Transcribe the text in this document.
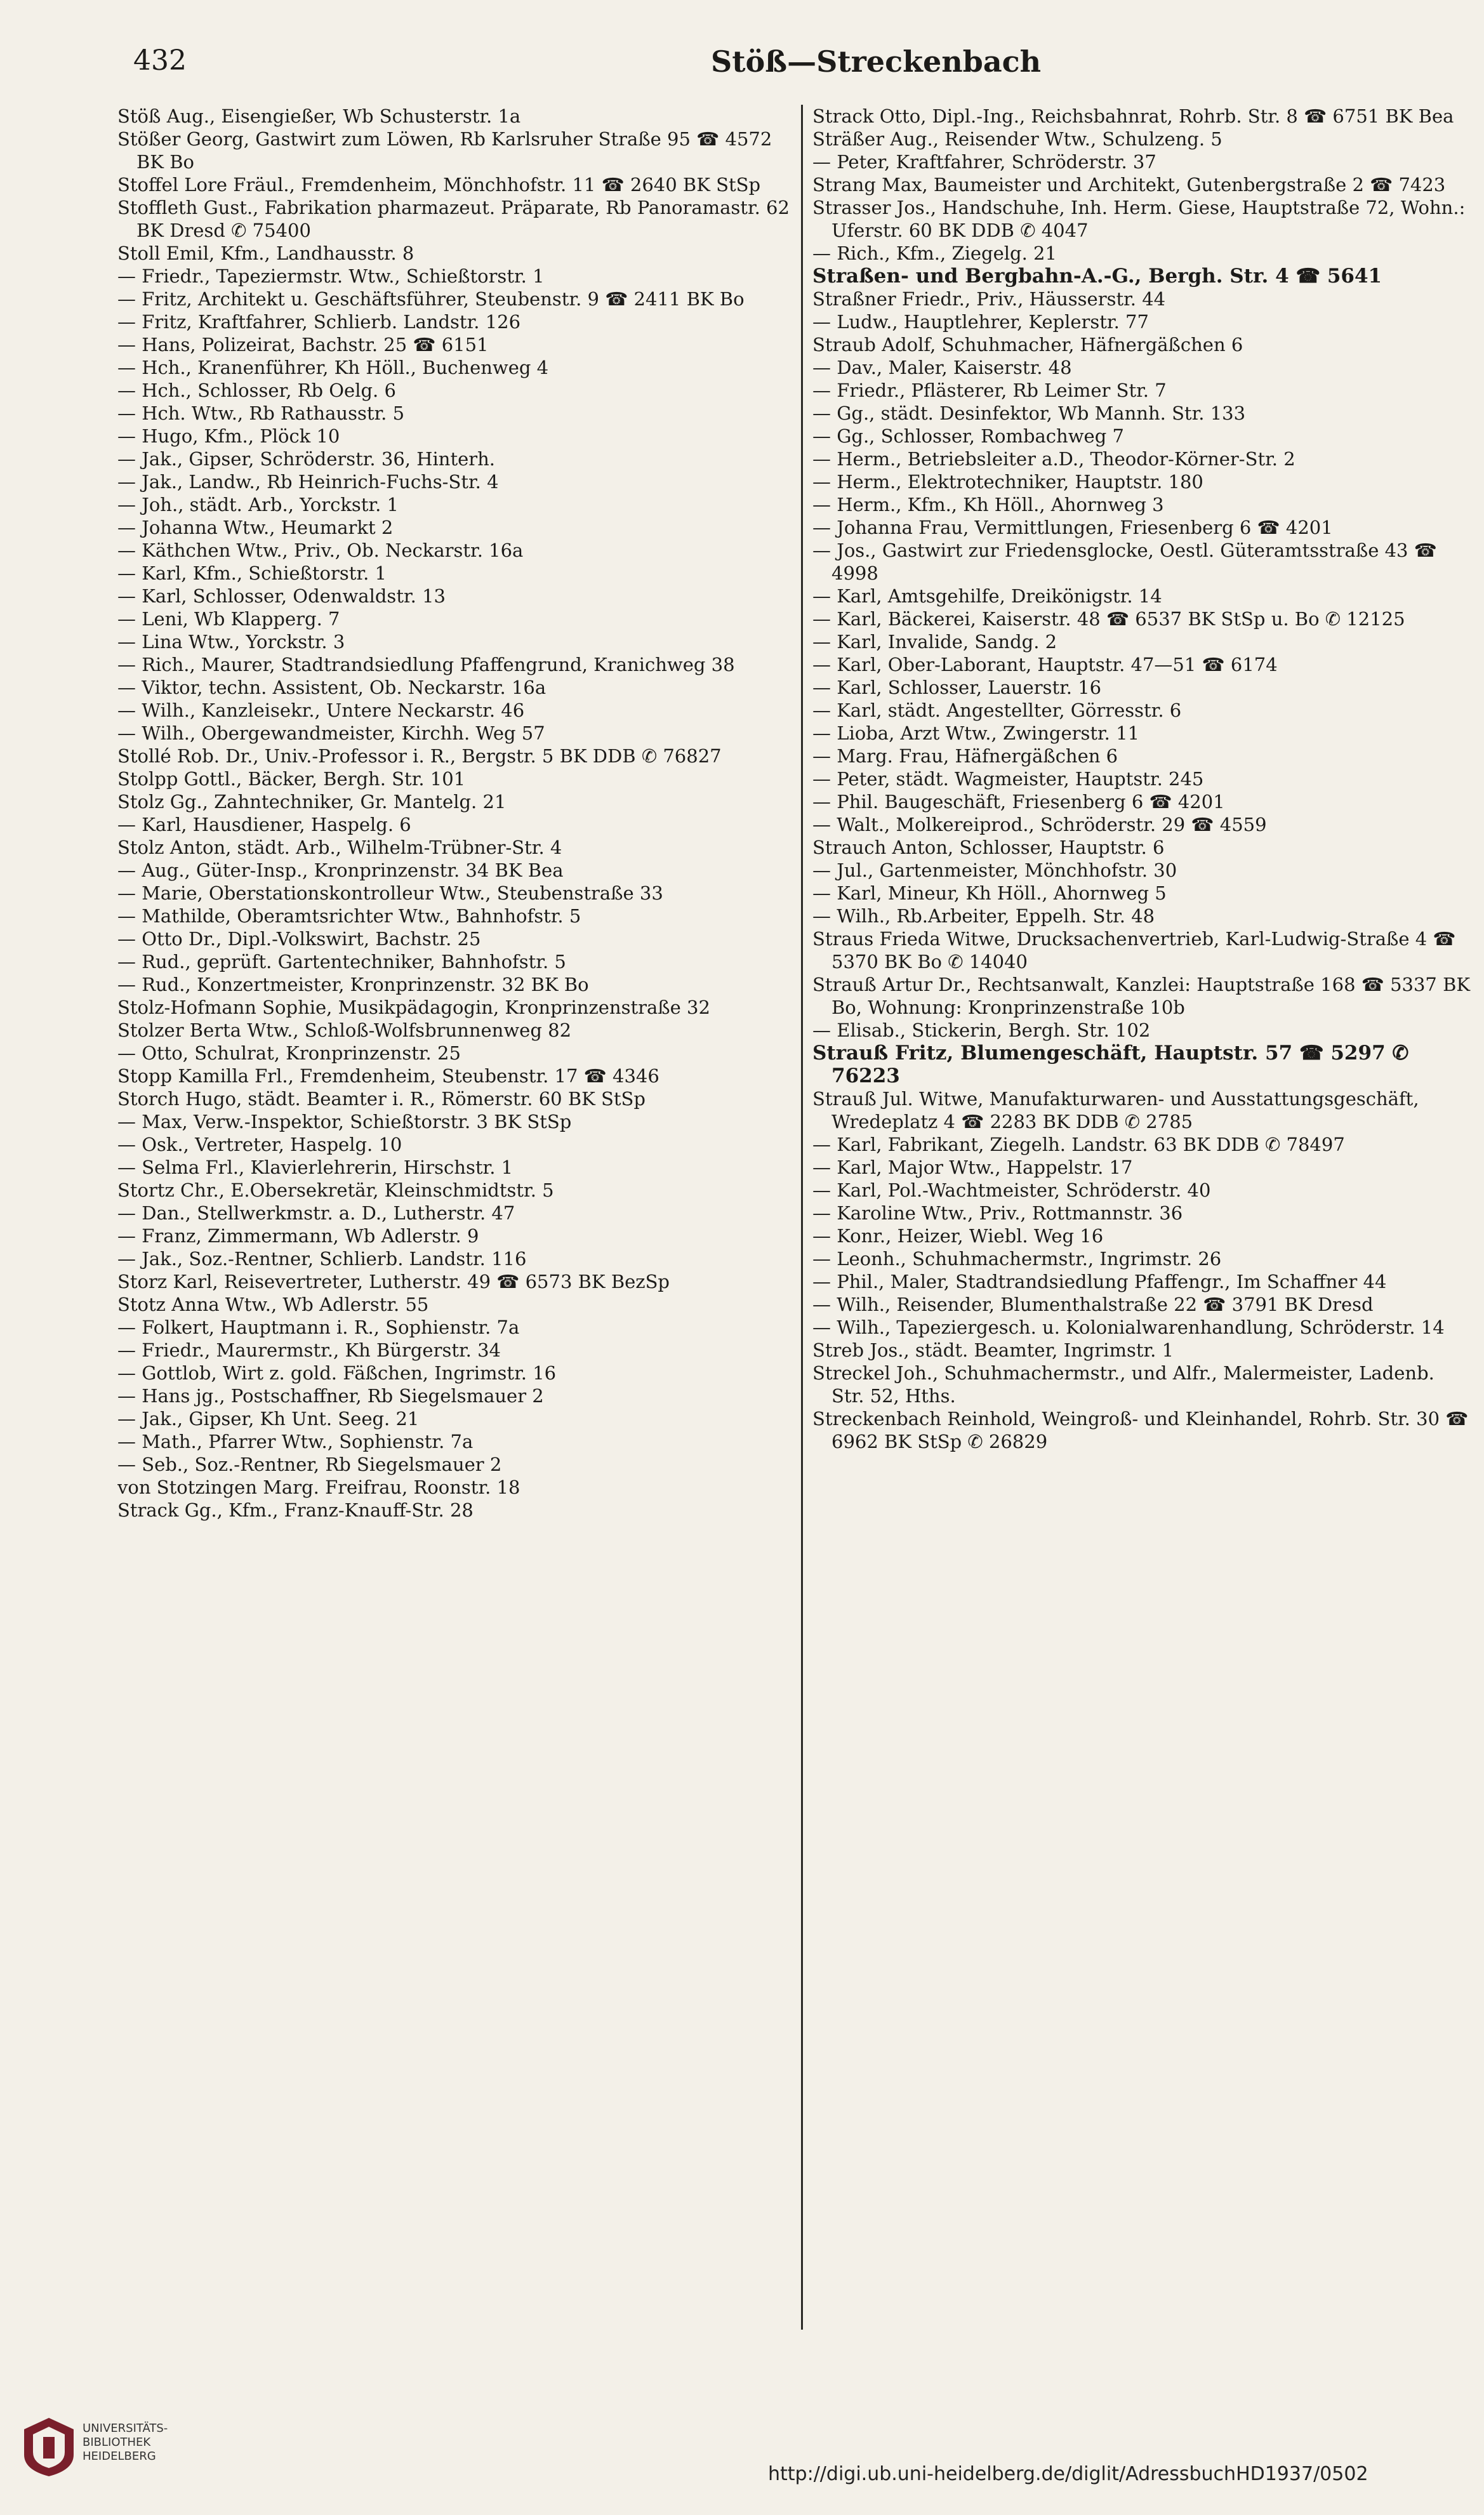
432	Stöß—Streckenbach

Stöß Aug., Eisengießer, Wb Schusterstr. 1a

Stößer Georg, Gastwirt zum Löwen, Rb Karlsruher Straße 95 ☎ 4572 BK Bo

Stoffel Lore Fräul., Fremdenheim, Mönchhofstr. 11 ☎ 2640 BK StSp

Stoffleth Gust., Fabrikation pharmazeut. Präparate, Rb Panoramastr. 62 BK Dresd ✆ 75400

Stoll Emil, Kfm., Landhausstr. 8

— Friedr., Tapeziermstr. Wtw., Schießtorstr. 1

— Fritz, Architekt u. Geschäftsführer, Steubenstr. 9 ☎ 2411 BK Bo

— Fritz, Kraftfahrer, Schlierb. Landstr. 126

— Hans, Polizeirat, Bachstr. 25 ☎ 6151

— Hch., Kranenführer, Kh Höll., Buchenweg 4

— Hch., Schlosser, Rb Oelg. 6

— Hch. Wtw., Rb Rathausstr. 5

— Hugo, Kfm., Plöck 10

— Jak., Gipser, Schröderstr. 36, Hinterh.

— Jak., Landw., Rb Heinrich-Fuchs-Str. 4

— Joh., städt. Arb., Yorckstr. 1

— Johanna Wtw., Heumarkt 2

— Käthchen Wtw., Priv., Ob. Neckarstr. 16a

— Karl, Kfm., Schießtorstr. 1

— Karl, Schlosser, Odenwaldstr. 13

— Leni, Wb Klapperg. 7

— Lina Wtw., Yorckstr. 3

— Rich., Maurer, Stadtrandsiedlung Pfaffengrund, Kranichweg 38

— Viktor, techn. Assistent, Ob. Neckarstr. 16a

— Wilh., Kanzleisekr., Untere Neckarstr. 46

— Wilh., Obergewandmeister, Kirchh. Weg 57

Stollé Rob. Dr., Univ.-Professor i. R., Bergstr. 5 BK DDB ✆ 76827

Stolpp Gottl., Bäcker, Bergh. Str. 101

Stolz Gg., Zahntechniker, Gr. Mantelg. 21

— Karl, Hausdiener, Haspelg. 6

Stolz Anton, städt. Arb., Wilhelm-Trübner-Str. 4

— Aug., Güter-Insp., Kronprinzenstr. 34 BK Bea

— Marie, Oberstationskontrolleur Wtw., Steubenstraße 33

— Mathilde, Oberamtsrichter Wtw., Bahnhofstr. 5

— Otto Dr., Dipl.-Volkswirt, Bachstr. 25

— Rud., geprüft. Gartentechniker, Bahnhofstr. 5

— Rud., Konzertmeister, Kronprinzenstr. 32 BK Bo

Stolz-Hofmann Sophie, Musikpädagogin, Kronprinzenstraße 32

Stolzer Berta Wtw., Schloß-Wolfsbrunnenweg 82

— Otto, Schulrat, Kronprinzenstr. 25

Stopp Kamilla Frl., Fremdenheim, Steubenstr. 17 ☎ 4346

Storch Hugo, städt. Beamter i. R., Römerstr. 60 BK StSp

— Max, Verw.-Inspektor, Schießtorstr. 3 BK StSp

— Osk., Vertreter, Haspelg. 10

— Selma Frl., Klavierlehrerin, Hirschstr. 1

Stortz Chr., E.Obersekretär, Kleinschmidtstr. 5

— Dan., Stellwerkmstr. a. D., Lutherstr. 47

— Franz, Zimmermann, Wb Adlerstr. 9

— Jak., Soz.-Rentner, Schlierb. Landstr. 116

Storz Karl, Reisevertreter, Lutherstr. 49 ☎ 6573 BK BezSp

Stotz Anna Wtw., Wb Adlerstr. 55

— Folkert, Hauptmann i. R., Sophienstr. 7a

— Friedr., Maurermstr., Kh Bürgerstr. 34

— Gottlob, Wirt z. gold. Fäßchen, Ingrimstr. 16

— Hans jg., Postschaffner, Rb Siegelsmauer 2

— Jak., Gipser, Kh Unt. Seeg. 21

— Math., Pfarrer Wtw., Sophienstr. 7a

— Seb., Soz.-Rentner, Rb Siegelsmauer 2

von Stotzingen Marg. Freifrau, Roonstr. 18

Strack Gg., Kfm., Franz-Knauff-Str. 28

Strack Otto, Dipl.-Ing., Reichsbahnrat, Rohrb. Str. 8 ☎ 6751 BK Bea

Sträßer Aug., Reisender Wtw., Schulzeng. 5

— Peter, Kraftfahrer, Schröderstr. 37

Strang Max, Baumeister und Architekt, Gutenbergstraße 2 ☎ 7423

Strasser Jos., Handschuhe, Inh. Herm. Giese, Hauptstraße 72, Wohn.: Uferstr. 60 BK DDB ✆ 4047

— Rich., Kfm., Ziegelg. 21

Straßen- und Bergbahn-A.-G., Bergh. Str. 4 ☎ 5641

Straßner Friedr., Priv., Häusserstr. 44

— Ludw., Hauptlehrer, Keplerstr. 77

Straub Adolf, Schuhmacher, Häfnergäßchen 6

— Dav., Maler, Kaiserstr. 48

— Friedr., Pflästerer, Rb Leimer Str. 7

— Gg., städt. Desinfektor, Wb Mannh. Str. 133

— Gg., Schlosser, Rombachweg 7

— Herm., Betriebsleiter a.D., Theodor-Körner-Str. 2

— Herm., Elektrotechniker, Hauptstr. 180

— Herm., Kfm., Kh Höll., Ahornweg 3

— Johanna Frau, Vermittlungen, Friesenberg 6 ☎ 4201

— Jos., Gastwirt zur Friedensglocke, Oestl. Güteramtsstraße 43 ☎ 4998

— Karl, Amtsgehilfe, Dreikönigstr. 14

— Karl, Bäckerei, Kaiserstr. 48 ☎ 6537 BK StSp u. Bo ✆ 12125

— Karl, Invalide, Sandg. 2

— Karl, Ober-Laborant, Hauptstr. 47—51 ☎ 6174

— Karl, Schlosser, Lauerstr. 16

— Karl, städt. Angestellter, Görresstr. 6

— Lioba, Arzt Wtw., Zwingerstr. 11

— Marg. Frau, Häfnergäßchen 6

— Peter, städt. Wagmeister, Hauptstr. 245

— Phil. Baugeschäft, Friesenberg 6 ☎ 4201

— Walt., Molkereiprod., Schröderstr. 29 ☎ 4559

Strauch Anton, Schlosser, Hauptstr. 6

— Jul., Gartenmeister, Mönchhofstr. 30

— Karl, Mineur, Kh Höll., Ahornweg 5

— Wilh., Rb.Arbeiter, Eppelh. Str. 48

Straus Frieda Witwe, Drucksachenvertrieb, Karl-Ludwig-Straße 4 ☎ 5370 BK Bo ✆ 14040

Strauß Artur Dr., Rechtsanwalt, Kanzlei: Hauptstraße 168 ☎ 5337 BK Bo, Wohnung: Kronprinzenstraße 10b

— Elisab., Stickerin, Bergh. Str. 102

Strauß Fritz, Blumengeschäft, Hauptstr. 57 ☎ 5297 ✆ 76223

Strauß Jul. Witwe, Manufakturwaren- und Ausstattungsgeschäft, Wredeplatz 4 ☎ 2283 BK DDB ✆ 2785

— Karl, Fabrikant, Ziegelh. Landstr. 63 BK DDB ✆ 78497

— Karl, Major Wtw., Happelstr. 17

— Karl, Pol.-Wachtmeister, Schröderstr. 40

— Karoline Wtw., Priv., Rottmannstr. 36

— Konr., Heizer, Wiebl. Weg 16

— Leonh., Schuhmachermstr., Ingrimstr. 26

— Phil., Maler, Stadtrandsiedlung Pfaffengr., Im Schaffner 44

— Wilh., Reisender, Blumenthalstraße 22 ☎ 3791 BK Dresd

— Wilh., Tapeziergesch. u. Kolonialwarenhandlung, Schröderstr. 14

Streb Jos., städt. Beamter, Ingrimstr. 1

Streckel Joh., Schuhmachermstr., und Alfr., Malermeister, Ladenb. Str. 52, Hths.

Streckenbach Reinhold, Weingroß- und Kleinhandel, Rohrb. Str. 30 ☎ 6962 BK StSp ✆ 26829

UNIVERSITÄTS-
BIBLIOTHEK
HEIDELBERG
http://digi.ub.uni-heidelberg.de/diglit/AdressbuchHD1937/0502
